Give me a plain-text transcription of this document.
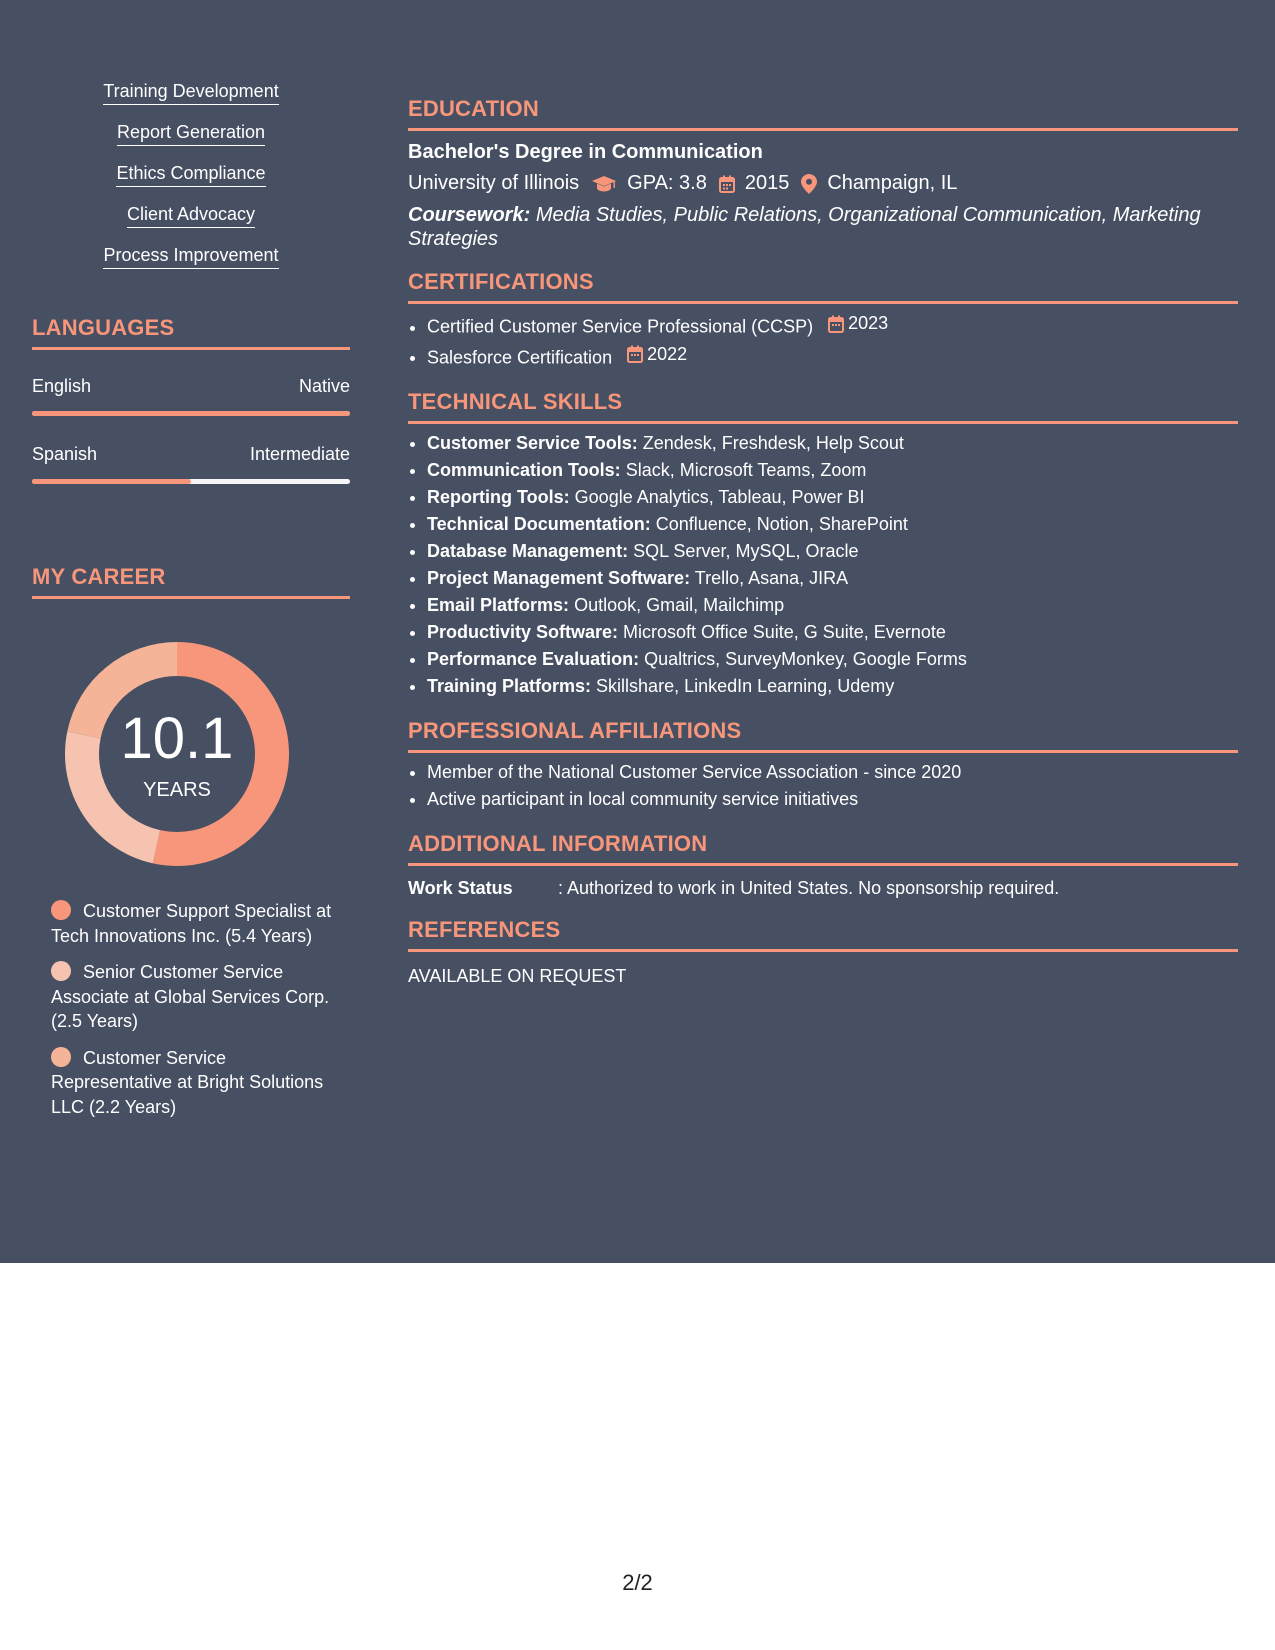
Training Development
Report Generation
Ethics Compliance
Client Advocacy
Process Improvement
LANGUAGES
English	Native
Spanish	Intermediate
MY CAREER
10.1
YEARS
Customer Support Specialist at Tech Innovations Inc. (5.4 Years)
Senior Customer Service Associate at Global Services Corp. (2.5 Years)
Customer Service Representative at Bright Solutions LLC (2.2 Years)
EDUCATION
Bachelor's Degree in Communication
University of Illinois GPA: 3.8 2015 Champaign, IL
Coursework: Media Studies, Public Relations, Organizational Communication, Marketing Strategies
CERTIFICATIONS
• Certified Customer Service Professional (CCSP) 2023
• Salesforce Certification 2022
TECHNICAL SKILLS
• Customer Service Tools: Zendesk, Freshdesk, Help Scout
• Communication Tools: Slack, Microsoft Teams, Zoom
• Reporting Tools: Google Analytics, Tableau, Power BI
• Technical Documentation: Confluence, Notion, SharePoint
• Database Management: SQL Server, MySQL, Oracle
• Project Management Software: Trello, Asana, JIRA
• Email Platforms: Outlook, Gmail, Mailchimp
• Productivity Software: Microsoft Office Suite, G Suite, Evernote
• Performance Evaluation: Qualtrics, SurveyMonkey, Google Forms
• Training Platforms: Skillshare, LinkedIn Learning, Udemy
PROFESSIONAL AFFILIATIONS
• Member of the National Customer Service Association - since 2020
• Active participant in local community service initiatives
ADDITIONAL INFORMATION
Work Status	: Authorized to work in United States. No sponsorship required.
REFERENCES
AVAILABLE ON REQUEST
2/2
